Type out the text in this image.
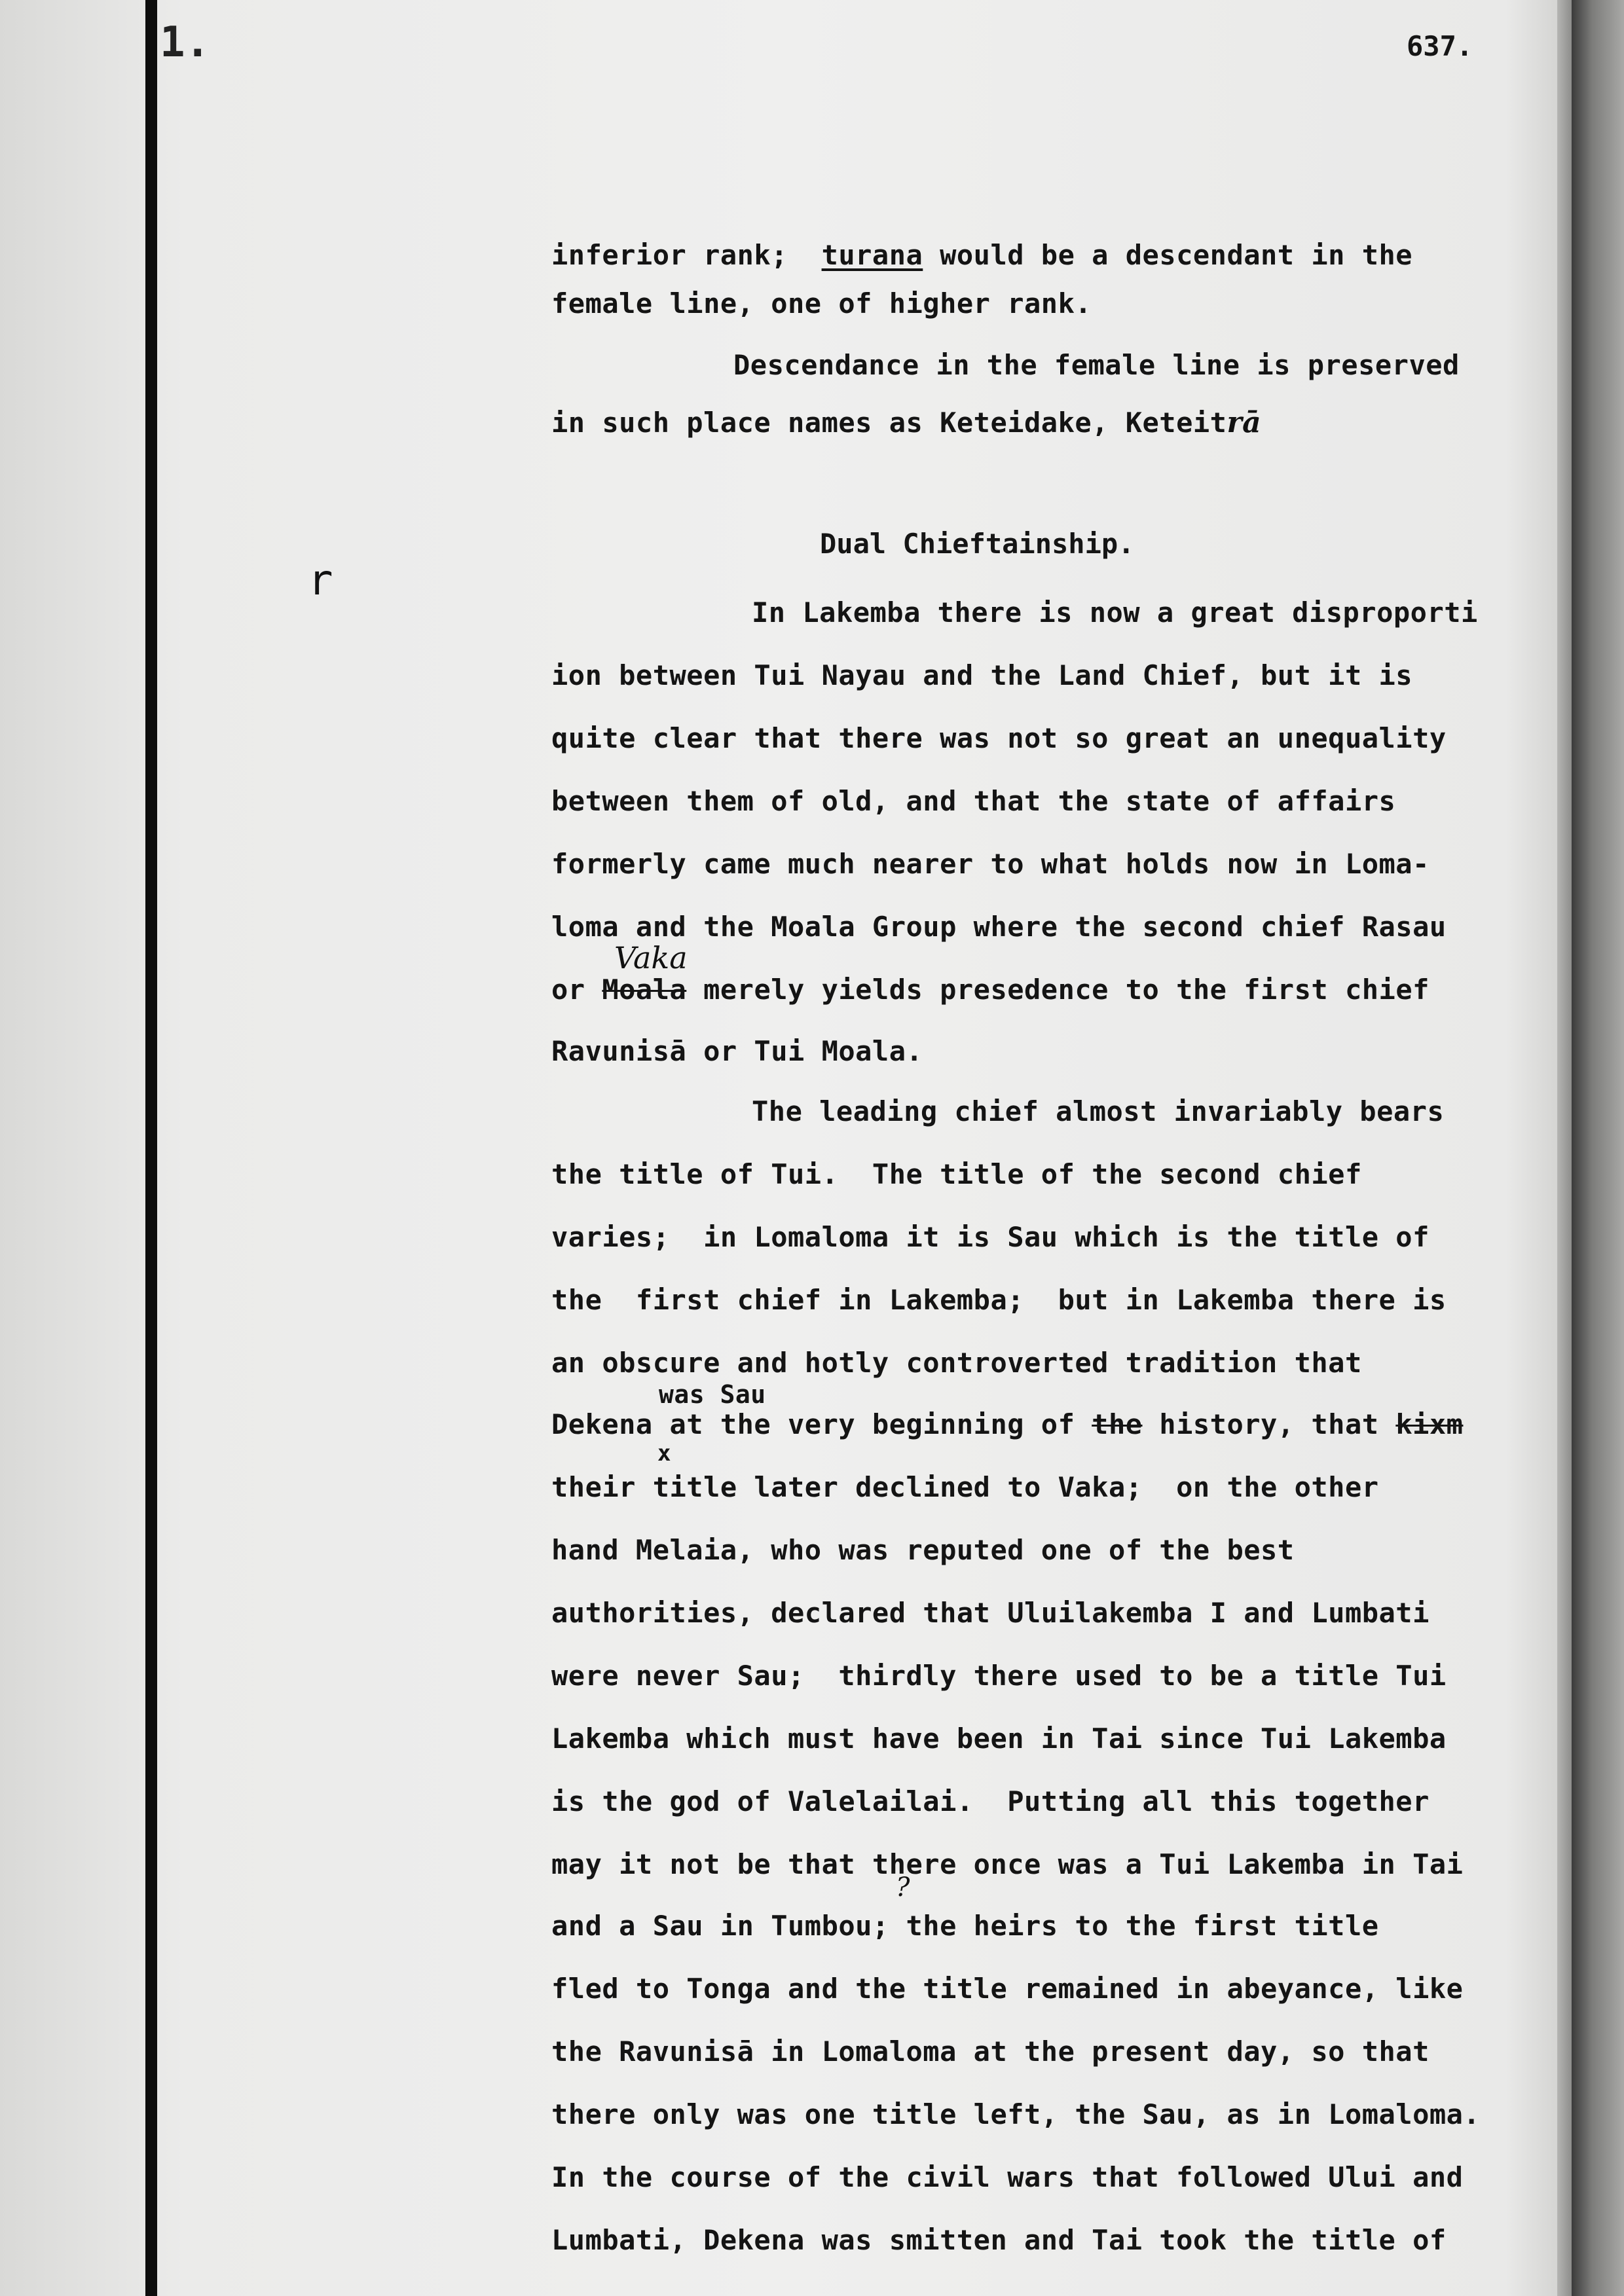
1.	637.
r
inferior rank;  turana would be a descendant in the
female line, one of higher rank.
Descendance in the female line is preserved
in such place names as Keteidake, Keteitrā
Dual Chieftainship.
In Lakemba there is now a great disproporti
ion between Tui Nayau and the Land Chief, but it is
quite clear that there was not so great an unequality
between them of old, and that the state of affairs
formerly came much nearer to what holds now in Loma-
loma and the Moala Group where the second chief Rasau
Vaka
or Moala merely yields presedence to the first chief
Ravunisā or Tui Moala.
The leading chief almost invariably bears
the title of Tui.  The title of the second chief
varies;  in Lomaloma it is Sau which is the title of
the  first chief in Lakemba;  but in Lakemba there is
an obscure and hotly controverted tradition that
was Sau
Dekena at the very beginning of the history, that kixm
x
their title later declined to Vaka;  on the other
hand Melaia, who was reputed one of the best
authorities, declared that Uluilakemba I and Lumbati
were never Sau;  thirdly there used to be a title Tui
Lakemba which must have been in Tai since Tui Lakemba
is the god of Valelailai.  Putting all this together
may it not be that there once was a Tui Lakemba in Tai
?
and a Sau in Tumbou; the heirs to the first title
fled to Tonga and the title remained in abeyance, like
the Ravunisā in Lomaloma at the present day, so that
there only was one title left, the Sau, as in Lomaloma.
In the course of the civil wars that followed Ului and
Lumbati, Dekena was smitten and Tai took the title of
